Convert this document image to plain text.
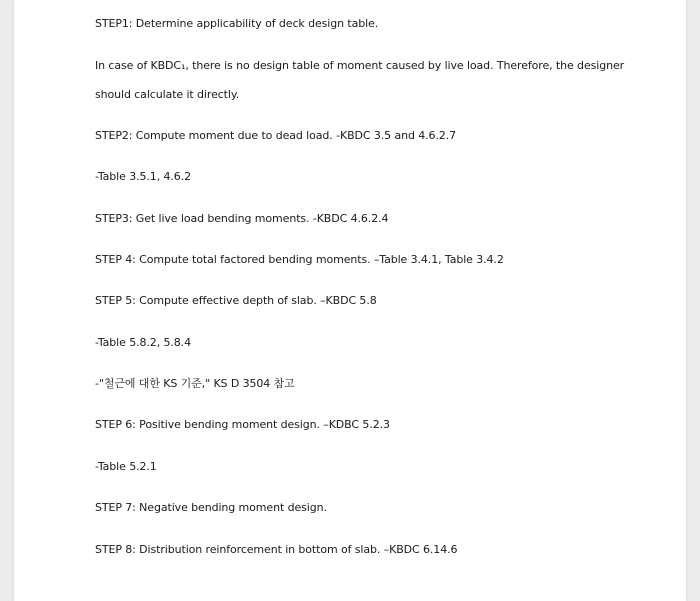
STEP1: Determine applicability of deck design table.
In case of KBDC₁, there is no design table of moment caused by live load. Therefore, the designer
should calculate it directly.
STEP2: Compute moment due to dead load. -KBDC 3.5 and 4.6.2.7
-Table 3.5.1, 4.6.2
STEP3: Get live load bending moments. -KBDC 4.6.2.4
STEP 4: Compute total factored bending moments. –Table 3.4.1, Table 3.4.2
STEP 5: Compute effective depth of slab. –KBDC 5.8
-Table 5.8.2, 5.8.4
-"철근에 대한 KS 기준," KS D 3504 참고
STEP 6: Positive bending moment design. –KDBC 5.2.3
-Table 5.2.1
STEP 7: Negative bending moment design.
STEP 8: Distribution reinforcement in bottom of slab. –KBDC 6.14.6
